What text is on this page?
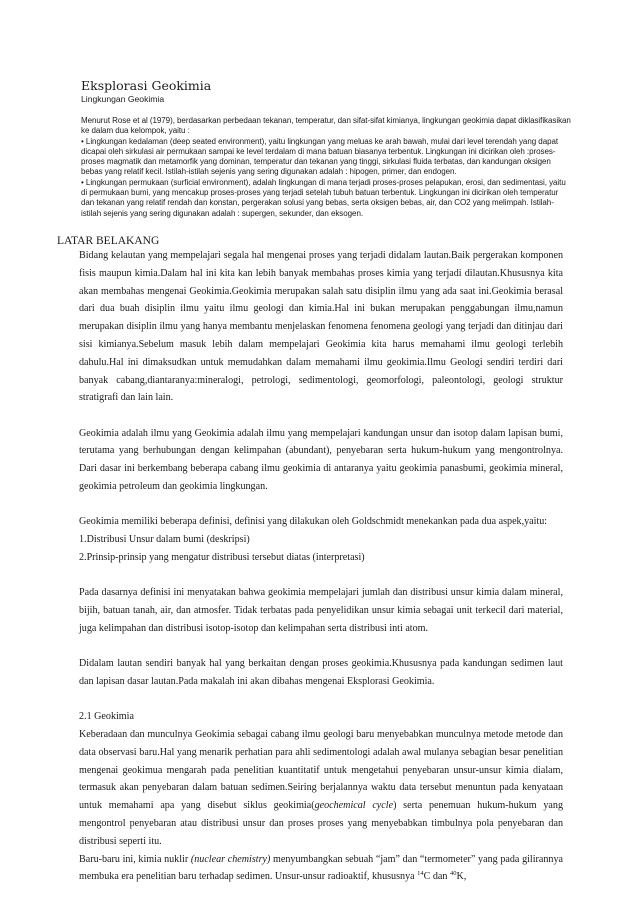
Eksplorasi Geokimia
Lingkungan Geokimia

Menurut Rose et al (1979), berdasarkan perbedaan tekanan, temperatur, dan sifat-sifat kimianya, lingkungan geokimia dapat diklasifikasikan ke dalam dua kelompok, yaitu :

• Lingkungan kedalaman (deep seated environment), yaitu lingkungan yang meluas ke arah bawah, mulai dari level terendah yang dapat dicapai oleh sirkulasi air permukaan sampai ke level terdalam di mana batuan biasanya terbentuk. Lingkungan ini dicirikan oleh :proses-proses magmatik dan metamorfik yang dominan, temperatur dan tekanan yang tinggi, sirkulasi fluida terbatas, dan kandungan oksigen bebas yang relatif kecil. Istilah-istilah sejenis yang sering digunakan adalah : hipogen, primer, dan endogen.

• Lingkungan permukaan (surficial environment), adalah lingkungan di mana terjadi proses-proses pelapukan, erosi, dan sedimentasi, yaitu di permukaan bumi, yang mencakup proses-proses yang terjadi setelah tubuh batuan terbentuk. Lingkungan ini dicirikan oleh temperatur dan tekanan yang relatif rendah dan konstan, pergerakan solusi yang bebas, serta oksigen bebas, air, dan CO2 yang melimpah. Istilah-istilah sejenis yang sering digunakan adalah : supergen, sekunder, dan eksogen.

LATAR BELAKANG

Bidang kelautan yang mempelajari segala hal mengenai proses yang terjadi didalam lautan.Baik pergerakan komponen fisis maupun kimia.Dalam hal ini kita kan lebih banyak membahas proses kimia yang terjadi dilautan.Khususnya kita akan membahas mengenai Geokimia.Geokimia merupakan salah satu disiplin ilmu yang ada saat ini.Geokimia berasal dari dua buah disiplin ilmu yaitu ilmu geologi dan kimia.Hal ini bukan merupakan penggabungan ilmu,namun merupakan disiplin ilmu yang hanya membantu menjelaskan fenomena fenomena geologi yang terjadi dan ditinjau dari sisi kimianya.Sebelum masuk lebih dalam mempelajari Geokimia kita harus memahami ilmu geologi terlebih dahulu.Hal ini dimaksudkan untuk memudahkan dalam memahami ilmu geokimia.Ilmu Geologi sendiri terdiri dari banyak cabang,diantaranya:mineralogi, petrologi, sedimentologi, geomorfologi, paleontologi, geologi struktur stratigrafi dan lain lain.

Geokimia adalah ilmu yang Geokimia adalah ilmu yang mempelajari kandungan unsur dan isotop dalam lapisan bumi, terutama yang berhubungan dengan kelimpahan (abundant), penyebaran serta hukum-hukum yang mengontrolnya. Dari dasar ini berkembang beberapa cabang ilmu geokimia di antaranya yaitu geokimia panasbumi, geokimia mineral, geokimia petroleum dan geokimia lingkungan.

Geokimia memiliki beberapa definisi, definisi yang dilakukan oleh Goldschmidt menekankan pada dua aspek,yaitu:

1.Distribusi Unsur dalam bumi (deskripsi)

2.Prinsip-prinsip yang mengatur distribusi tersebut diatas (interpretasi)

Pada dasarnya definisi ini menyatakan bahwa geokimia mempelajari jumlah dan distribusi unsur kimia dalam mineral, bijih, batuan tanah, air, dan atmosfer. Tidak terbatas pada penyelidikan unsur kimia sebagai unit terkecil dari material, juga kelimpahan dan distribusi isotop-isotop dan kelimpahan serta distribusi inti atom.

Didalam lautan sendiri banyak hal yang berkaitan dengan proses geokimia.Khususnya pada kandungan sedimen laut dan lapisan dasar lautan.Pada makalah ini akan dibahas mengenai Eksplorasi Geokimia.

2.1 Geokimia

Keberadaan dan munculnya Geokimia sebagai cabang ilmu geologi baru menyebabkan munculnya metode metode dan data observasi baru.Hal yang menarik perhatian para ahli sedimentologi adalah awal mulanya sebagian besar penelitian mengenai geokimua mengarah pada penelitian kuantitatif untuk mengetahui penyebaran unsur-unsur kimia dialam, termasuk akan penyebaran dalam batuan sedimen.Seiring berjalannya waktu data tersebut menuntun pada kenyataan untuk memahami apa yang disebut siklus geokimia(geochemical cycle) serta penemuan hukum-hukum yang mengontrol penyebaran atau distribusi unsur dan proses proses yang menyebabkan timbulnya pola penyebaran dan distribusi seperti itu.

Baru-baru ini, kimia nuklir (nuclear chemistry) menyumbangkan sebuah “jam” dan “termometer” yang pada gilirannya membuka era penelitian baru terhadap sedimen. Unsur-unsur radioaktif, khususnya $^{14}$C dan $^{40}$K,
